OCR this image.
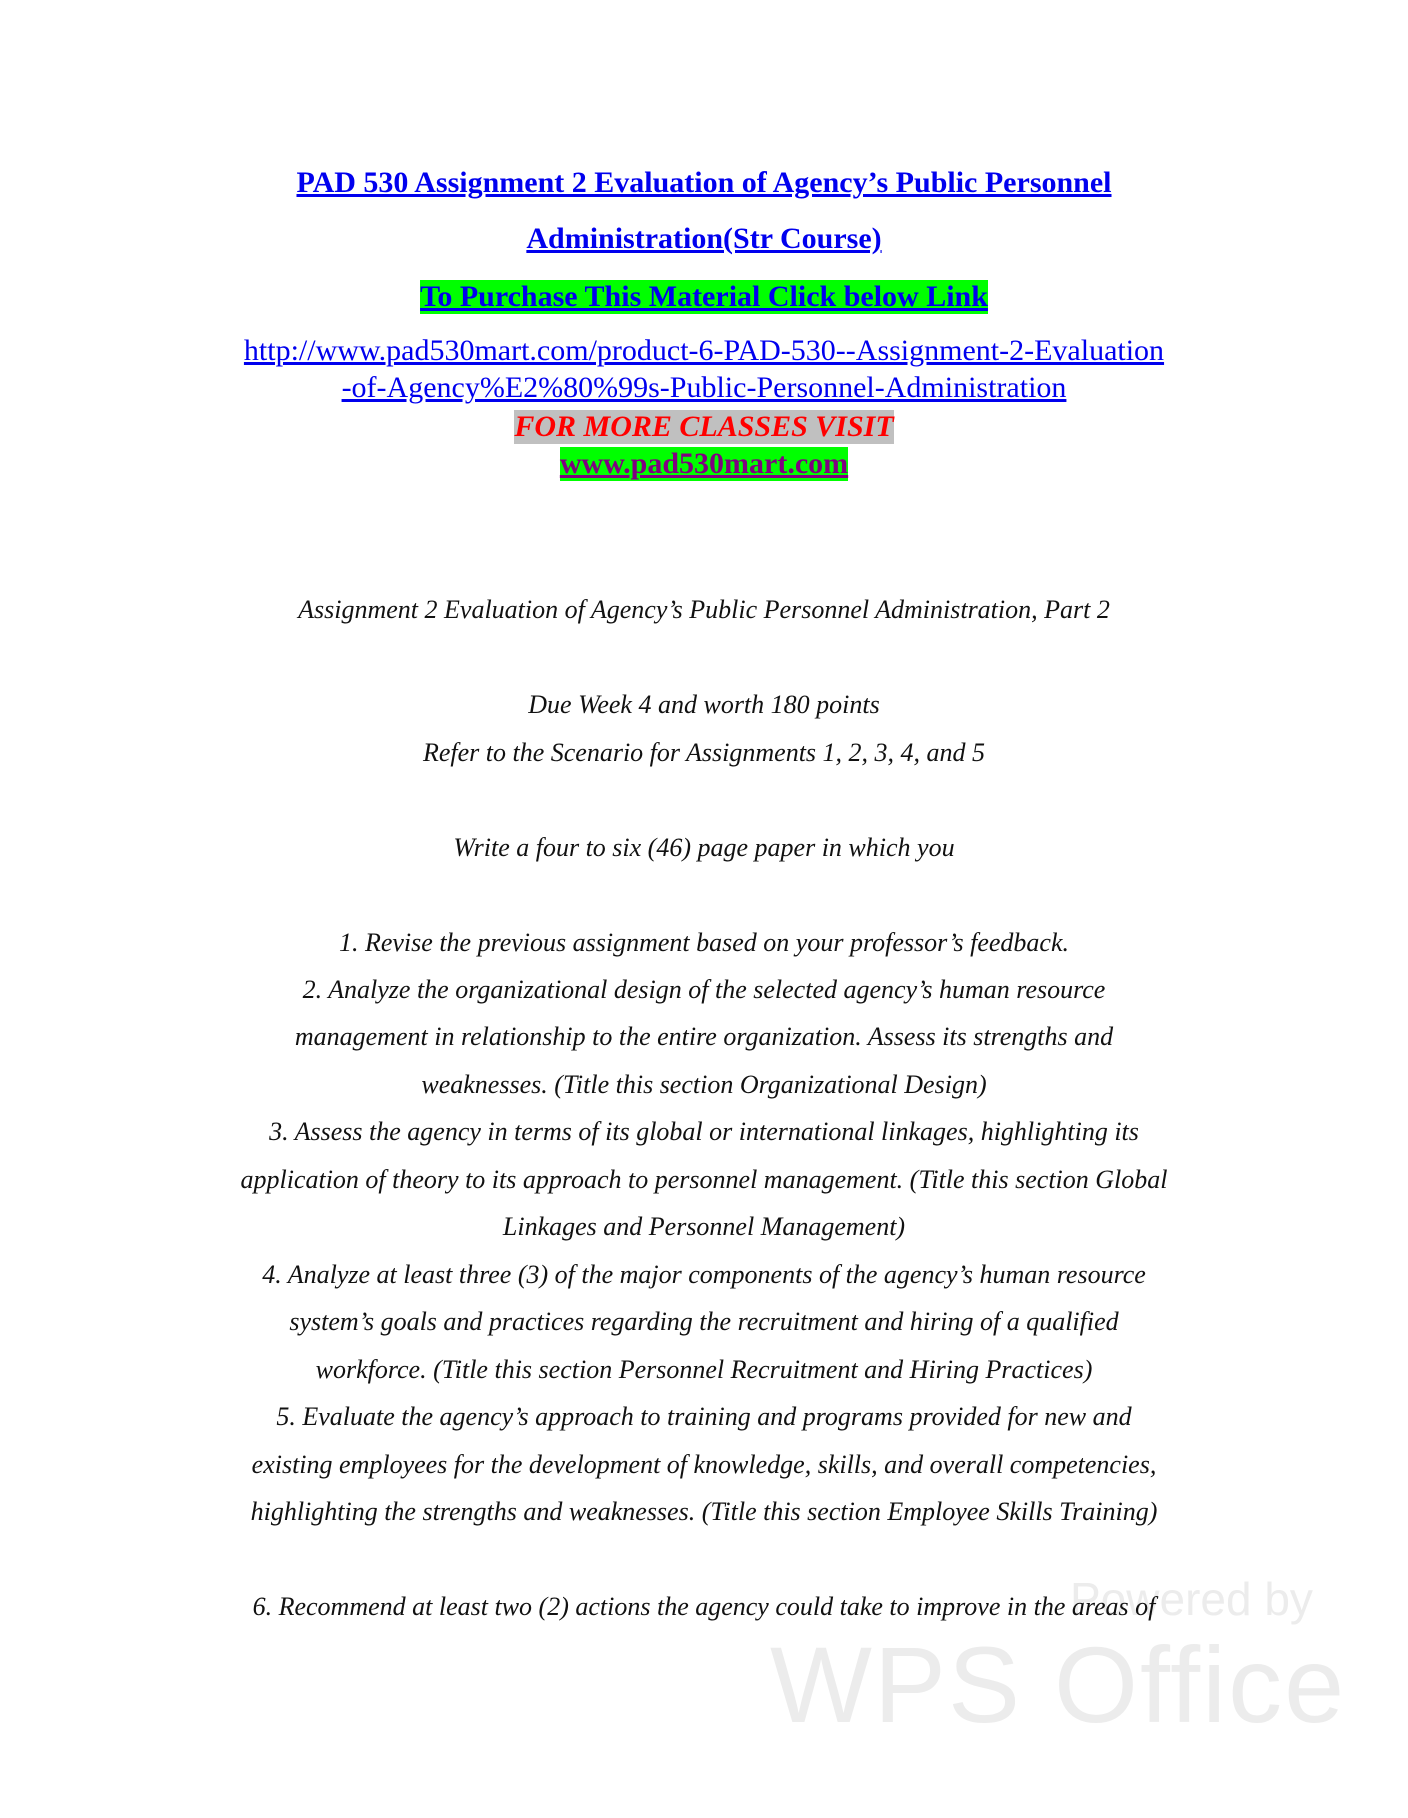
Powered by
WPS Office
PAD 530 Assignment 2 Evaluation of Agency’s Public Personnel
Administration(Str Course)
To Purchase This Material Click below Link
http://www.pad530mart.com/product-6-PAD-530--Assignment-2-Evaluation
-of-Agency%E2%80%99s-Public-Personnel-Administration
FOR MORE CLASSES VISIT
www.pad530mart.com
Assignment 2 Evaluation of Agency’s Public Personnel Administration, Part 2
Due Week 4 and worth 180 points
Refer to the Scenario for Assignments 1, 2, 3, 4, and 5
Write a four to six (46) page paper in which you
1. Revise the previous assignment based on your professor’s feedback.
2. Analyze the organizational design of the selected agency’s human resource
management in relationship to the entire organization. Assess its strengths and
weaknesses. (Title this section Organizational Design)
3. Assess the agency in terms of its global or international linkages, highlighting its
application of theory to its approach to personnel management. (Title this section Global
Linkages and Personnel Management)
4. Analyze at least three (3) of the major components of the agency’s human resource
system’s goals and practices regarding the recruitment and hiring of a qualified
workforce. (Title this section Personnel Recruitment and Hiring Practices)
5. Evaluate the agency’s approach to training and programs provided for new and
existing employees for the development of knowledge, skills, and overall competencies,
highlighting the strengths and weaknesses. (Title this section Employee Skills Training)
6. Recommend at least two (2) actions the agency could take to improve in the areas of
